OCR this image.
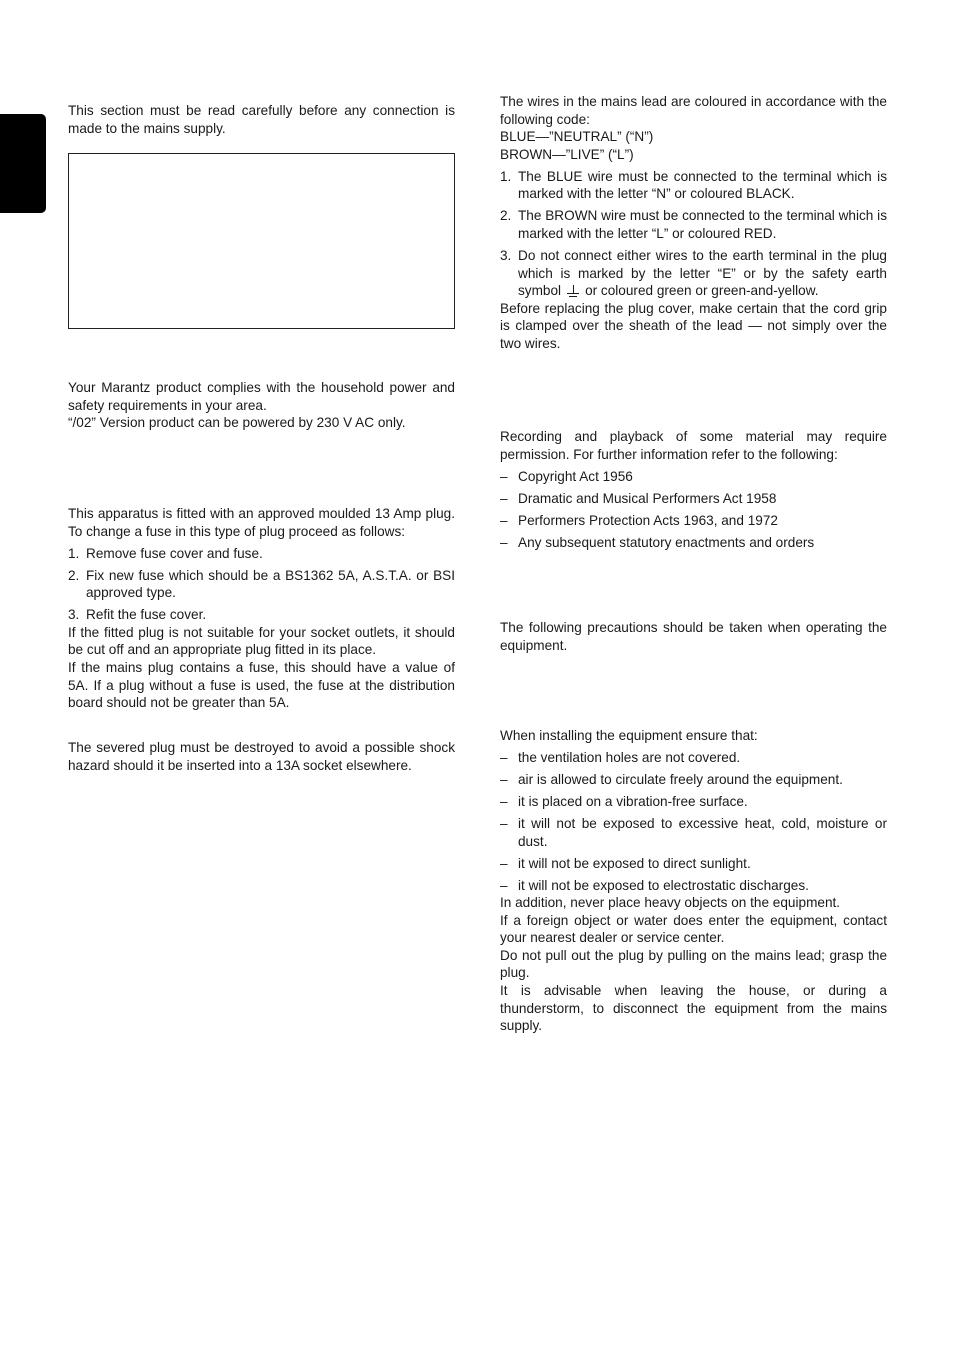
This section must be read carefully before any connection is made to the mains supply.

Your Marantz product complies with the household power and safety requirements in your area.

“/02” Version product can be powered by 230 V AC only.

This apparatus is fitted with an approved moulded 13 Amp plug. To change a fuse in this type of plug proceed as follows:

1. Remove fuse cover and fuse.
2. Fix new fuse which should be a BS1362 5A, A.S.T.A. or BSI approved type.
3. Refit the fuse cover.

If the fitted plug is not suitable for your socket outlets, it should be cut off and an appropriate plug fitted in its place.

If the mains plug contains a fuse, this should have a value of 5A. If a plug without a fuse is used, the fuse at the distribution board should not be greater than 5A.

The severed plug must be destroyed to avoid a possible shock hazard should it be inserted into a 13A socket elsewhere.

The wires in the mains lead are coloured in accordance with the following code:

BLUE—”NEUTRAL” (“N”)

BROWN—”LIVE” (“L”)

1. The BLUE wire must be connected to the terminal which is marked with the letter “N” or coloured BLACK.
2. The BROWN wire must be connected to the terminal which is marked with the letter “L” or coloured RED.
3. Do not connect either wires to the earth terminal in the plug which is marked by the letter “E” or by the safety earth symbol or coloured green or green-and-yellow.

Before replacing the plug cover, make certain that the cord grip is clamped over the sheath of the lead — not simply over the two wires.

Recording and playback of some material may require permission. For further information refer to the following:

– Copyright Act 1956
– Dramatic and Musical Performers Act 1958
– Performers Protection Acts 1963, and 1972
– Any subsequent statutory enactments and orders

The following precautions should be taken when operating the equipment.

When installing the equipment ensure that:

– the ventilation holes are not covered.
– air is allowed to circulate freely around the equipment.
– it is placed on a vibration-free surface.
– it will not be exposed to excessive heat, cold, moisture or dust.
– it will not be exposed to direct sunlight.
– it will not be exposed to electrostatic discharges.

In addition, never place heavy objects on the equipment.

If a foreign object or water does enter the equipment, contact your nearest dealer or service center.

Do not pull out the plug by pulling on the mains lead; grasp the plug.

It is advisable when leaving the house, or during a thunderstorm, to disconnect the equipment from the mains supply.
